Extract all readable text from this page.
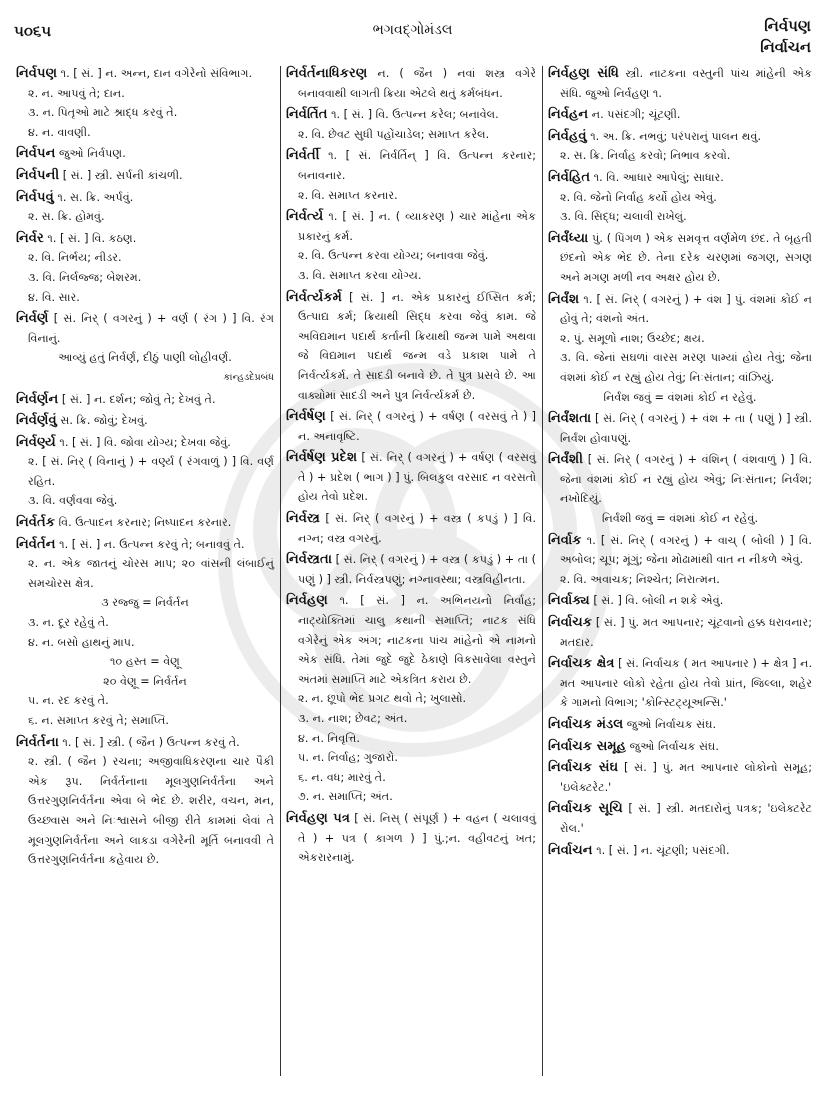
૫૦૬૫	ભગવદ્ગોમંડલ	નિર્વપણ
નિર્વાચન
નિર્વપણ ૧. [ સં. ] ન. અન્ન, દાન વગેરેનો સંવિભાગ.
૨. ન. આપવું તે; દાન.
૩. ન. પિતૃઓ માટે શ્રાદ્ધ કરવું તે.
૪. ન. વાવણી.
નિર્વપન જુઓ નિર્વપણ.
નિર્વપની [ સં. ] સ્ત્રી. સર્પની કાંચળી.
નિર્વપવું ૧. સ. ક્રિ. અર્પવું.
૨. સ. ક્રિ. હોમવું.
નિર્વર ૧. [ સં. ] વિ. કઠણ.
૨. વિ. નિર્ભય; નીડર.
૩. વિ. નિર્લજ્જ; બેશરમ.
૪. વિ. સાર.
નિર્વર્ણ [ સં. નિર્ ( વગરનું ) + વર્ણ ( રંગ ) ] વિ. રંગ વિનાનું.
આવ્યું હતું નિર્વર્ણ, દીઠું પાણી લોહીવર્ણ.
કાન્હડદેપ્રબંધ
નિર્વર્ણન [ સં. ] ન. દર્શન; જોવું તે; દેખવું તે.
નિર્વર્ણવું સ. ક્રિ. જોવું; દેખવું.
નિર્વર્ણ્ય ૧. [ સં. ] વિ. જોવા યોગ્ય; દેખવા જેવું.
૨. [ સં. નિર્ ( વિનાનું ) + વર્ણ્ય ( રંગવાળું ) ] વિ. વર્ણ રહિત.
૩. વિ. વર્ણવવા જેવું.
નિર્વર્તક વિ. ઉત્પાદન કરનાર; નિષ્પાદન કરનાર.
નિર્વર્તન ૧. [ સં. ] ન. ઉત્પન્ન કરવું તે; બનાવવું તે.
૨. ન. એક જાતનું ચોરસ માપ; ૨૦ વાંસની લંબાઈનું સમચોરસ ક્ષેત્ર.
૩ રજ્જુ = નિર્વર્તન
૩. ન. દૂર રહેવું તે.
૪. ન. બસો હાથનું માપ.
૧૦ હસ્ત = વેણૂ
૨૦ વેણૂ = નિર્વર્તન
૫. ન. રદ કરવું તે.
૬. ન. સમાપ્ત કરવું તે; સમાપ્તિ.
નિર્વર્તના ૧. [ સં. ] સ્ત્રી. ( જૈન ) ઉત્પન્ન કરવું તે.
૨. સ્ત્રી. ( જૈન ) રચના; અજીવાધિકરણના ચાર પૈકી એક રૂપ. નિર્વર્તનાના મૂલગુણનિર્વર્તના અને ઉત્તરગુણનિર્વર્તના એવા બે ભેદ છે. શરીર, વચન, મન, ઉચ્છ્વાસ અને નિઃશ્વાસને બીજી રીતે કામમાં લેવાં તે મૂલગુણનિર્વર્તના અને લાકડા વગેરેની મૂર્તિ બનાવવી તે ઉત્તરગુણનિર્વર્તના કહેવાય છે.
નિર્વર્તનાધિકરણ ન. ( જૈન ) નવાં શસ્ત્ર વગેરે બનાવવાથી લાગતી ક્રિયા એટલે થતું કર્મબંધન.
નિર્વર્તિત ૧. [ સં. ] વિ. ઉત્પન્ન કરેલ; બનાવેલ.
૨. વિ. છેવટ સુધી પહોંચાડેલ; સમાપ્ત કરેલ.
નિર્વર્તી ૧. [ સં. નિર્વર્તિન્ ] વિ. ઉત્પન્ન કરનાર; બનાવનાર.
૨. વિ. સમાપ્ત કરનાર.
નિર્વર્ત્ય ૧. [ સં. ] ન. ( વ્યાકરણ ) ચાર માંહેના એક પ્રકારનું કર્મ.
૨. વિ. ઉત્પન્ન કરવા યોગ્ય; બનાવવા જેવું.
૩. વિ. સમાપ્ત કરવા યોગ્ય.
નિર્વર્ત્યકર્મ [ સં. ] ન. એક પ્રકારનું ઈપ્સિત કર્મ; ઉત્પાદ્ય કર્મ; ક્રિયાથી સિદ્ધ કરવા જેવું કામ. જે અવિદ્યમાન પદાર્થ કર્તાની ક્રિયાથી જન્મ પામે અથવા જે વિદ્યમાન પદાર્થ જન્મ વડે પ્રકાશ પામે તે નિર્વર્ત્યકર્મ. તે સાદડી બનાવે છે. તે પુત્ર પ્રસવે છે. આ વાક્યોમાં સાદડી અને પુત્ર નિર્વર્ત્યકર્મ છે.
નિર્વર્ષણ [ સં. નિર્ ( વગરનું ) + વર્ષણ ( વરસવું તે ) ] ન. અનાવૃષ્ટિ.
નિર્વર્ષણ પ્રદેશ [ સં. નિર્ ( વગરનું ) + વર્ષણ ( વરસવું તે ) + પ્રદેશ ( ભાગ ) ] પું. બિલકુલ વરસાદ ન વરસતો હોય તેવો પ્રદેશ.
નિર્વસ્ત્ર [ સં. નિર્ ( વગરનું ) + વસ્ત્ર ( કપડું ) ] વિ. નગ્ન; વસ્ત્ર વગરનું.
નિર્વસ્ત્રતા [ સં. નિર્ ( વગરનું ) + વસ્ત્ર ( કપડું ) + તા ( પણું ) ] સ્ત્રી. નિર્વસ્ત્રપણું; નગ્નાવસ્થા; વસ્ત્રવિહીનતા.
નિર્વહણ ૧. [ સં. ] ન. અભિનયનો નિર્વાહ; નાટ્યોક્તિમાં ચાલુ કથાની સમાપ્તિ; નાટક સંધિ વગેરેનું એક અંગ; નાટકના પાંચ માંહેનો એ નામનો એક સંધિ. તેમાં જુદે જુદે ઠેકાણે વિકસાવેલા વસ્તુને અંતમાં સમાપ્તિ માટે એકત્રિત કરાય છે.
૨. ન. છૂપો ભેદ પ્રગટ થવો તે; ખુલાસો.
૩. ન. નાશ; છેવટ; અંત.
૪. ન. નિવૃત્તિ.
૫. ન. નિર્વાહ; ગુજારો.
૬. ન. વધ; મારવું તે.
૭. ન. સમાપ્તિ; અંત.
નિર્વહણ પત્ર [ સં. નિસ્ ( સંપૂર્ણ ) + વહન ( ચલાવવું તે ) + પત્ર ( કાગળ ) ] પું.;ન. વહીવટનું ખત; એકરારનામું.
નિર્વહણ સંધિ સ્ત્રી. નાટકના વસ્તુની પાંચ માંહેની એક સંધિ. જુઓ નિર્વહણ ૧.
નિર્વહન ન. પસંદગી; ચૂંટણી.
નિર્વહવું ૧. અ. ક્રિ. નભવું; પરંપરાનું પાલન થવું.
૨. સ. ક્રિ. નિર્વાહ કરવો; નિભાવ કરવો.
નિર્વહિત ૧. વિ. આધાર આપેલું; સાધાર.
૨. વિ. જેનો નિર્વાહ કર્યો હોય એવું.
૩. વિ. સિદ્ધ; ચલાવી રાખેલું.
નિર્વંધ્યા પું. ( પિંગળ ) એક સમવૃત્ત વર્ણમેળ છંદ. તે બૃહતી છંદનો એક ભેદ છે. તેના દરેક ચરણમાં જગણ, સગણ અને મગણ મળી નવ અક્ષર હોય છે.
નિર્વંશ ૧. [ સં. નિર્ ( વગરનું ) + વંશ ] પું. વંશમાં કોઈ ન હોવું તે; વંશનો અંત.
૨. પું. સમૂળો નાશ; ઉચ્છેદ; ક્ષય.
૩. વિ. જેનાં સઘળાં વારસ મરણ પામ્યાં હોય તેવું; જેના વંશમાં કોઈ ન રહ્યું હોય તેવું; નિઃસંતાન; વાંઝિયું.
નિર્વંશ જવું = વંશમાં કોઈ ન રહેવું.
નિર્વંશતા [ સં. નિર્ ( વગરનું ) + વંશ + તા ( પણું ) ] સ્ત્રી. નિર્વંશ હોવાપણું.
નિર્વંશી [ સં. નિર્ ( વગરનું ) + વંશિન્ ( વંશવાળું ) ] વિ. જેના વંશમાં કોઈ ન રહ્યું હોય એવું; નિઃસંતાન; નિર્વંશ; નખોદિયું.
નિર્વંશી જવું = વંશમાં કોઈ ન રહેવું.
નિર્વાક ૧. [ સં. નિર્ ( વગરનું ) + વાચ્ ( બોલી ) ] વિ. અબોલ; ચૂપ; મૂંગું; જેના મોઢામાંથી વાત ન નીકળે એવું.
૨. વિ. અવાચક; નિશ્ચેત; નિરાત્મન.
નિર્વાક્ય [ સં. ] વિ. બોલી ન શકે એવું.
નિર્વાચક [ સં. ] પું. મત આપનાર; ચૂંટવાનો હક્ક ધરાવનાર; મતદાર.
નિર્વાચક ક્ષેત્ર [ સં. નિર્વાચક ( મત આપનાર ) + ક્ષેત્ર ] ન. મત આપનાર લોકો રહેતા હોય તેવો પ્રાંત, જિલ્લા, શહેર કે ગામનો વિભાગ; 'કોન્સ્ટિટ્યૂઅન્સિ.'
નિર્વાચક મંડલ જુઓ નિર્વાચક સંઘ.
નિર્વાચક સમૂહ જુઓ નિર્વાચક સંઘ.
નિર્વાચક સંઘ [ સં. ] પું. મત આપનાર લોકોનો સમૂહ; 'ઇલેક્ટરેટ.'
નિર્વાચક સૂચિ [ સં. ] સ્ત્રી. મતદારોનું પત્રક; 'ઇલેક્ટરેટ રોલ.'
નિર્વાચન ૧. [ સં. ] ન. ચૂંટણી; પસંદગી.
